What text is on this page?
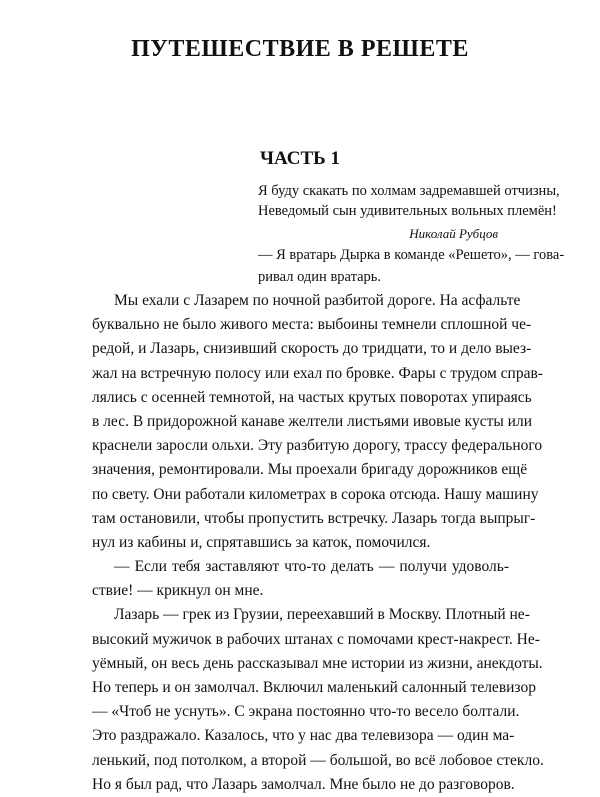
ПУТЕШЕСТВИЕ В РЕШЕТЕ
ЧАСТЬ 1
Я буду скакать по холмам задремавшей отчизны,
Неведомый сын удивительных вольных племён!
Николай Рубцов
— Я вратарь Дырка в команде «Решето», — гова-
ривал один вратарь.
Мы ехали с Лазарем по ночной разбитой дороге. На асфальте
буквально не было живого места: выбоины темнели сплошной че-
редой, и Лазарь, снизивший скорость до тридцати, то и дело выез-
жал на встречную полосу или ехал по бровке. Фары с трудом справ-
лялись с осенней темнотой, на частых крутых поворотах упираясь
в лес. В придорожной канаве желтели листьями ивовые кусты или
краснели заросли ольхи. Эту разбитую дорогу, трассу федерального
значения, ремонтировали. Мы проехали бригаду дорожников ещё
по свету. Они работали километрах в сорока отсюда. Нашу машину
там остановили, чтобы пропустить встречку. Лазарь тогда выпрыг-
нул из кабины и, спрятавшись за каток, помочился.
— Если тебя заставляют что-то делать — получи удоволь-
ствие! — крикнул он мне.
Лазарь — грек из Грузии, переехавший в Москву. Плотный не-
высокий мужичок в рабочих штанах с помочами крест-накрест. Не-
уёмный, он весь день рассказывал мне истории из жизни, анекдоты.
Но теперь и он замолчал. Включил маленький салонный телевизор
— «Чтоб не уснуть». С экрана постоянно что-то весело болтали.
Это раздражало. Казалось, что у нас два телевизора — один ма-
ленький, под потолком, а второй — большой, во всё лобовое стекло.
Но я был рад, что Лазарь замолчал. Мне было не до разговоров.
